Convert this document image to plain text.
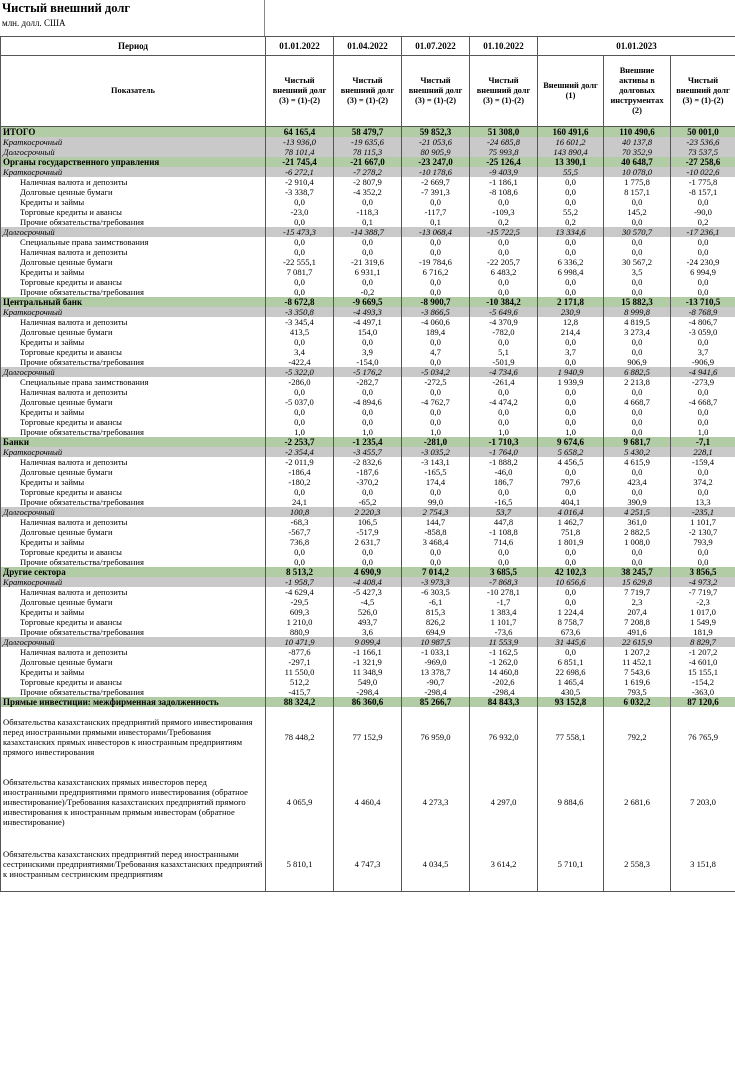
Чистый внешний долг
млн. долл. США
Период	01.01.2022	01.04.2022	01.07.2022	01.10.2022	01.01.2023		
Показатель	Чистый внешний долг (3) = (1)-(2)	Чистый внешний долг (3) = (1)-(2)	Чистый внешний долг (3) = (1)-(2)	Чистый внешний долг (3) = (1)-(2)	Внешний долг (1)	Внешние активы в долговых инструментах (2)	Чистый внешний долг (3) = (1)-(2)
ИТОГО	64 165,4	58 479,7	59 852,3	51 308,0	160 491,6	110 490,6	50 001,0
Краткосрочный	-13 936,0	-19 635,6	-21 053,6	-24 685,8	16 601,2	40 137,8	-23 536,6
Долгосрочный	78 101,4	78 115,3	80 905,9	75 993,8	143 890,4	70 352,9	73 537,5
Органы государственного управления	-21 745,4	-21 667,0	-23 247,0	-25 126,4	13 390,1	40 648,7	-27 258,6
Краткосрочный	-6 272,1	-7 278,2	-10 178,6	-9 403,9	55,5	10 078,0	-10 022,6
Наличная валюта и депозиты	-2 910,4	-2 807,9	-2 669,7	-1 186,1	0,0	1 775,8	-1 775,8
Долговые ценные бумаги	-3 338,7	-4 352,2	-7 391,3	-8 108,6	0,0	8 157,1	-8 157,1
Кредиты и займы	0,0	0,0	0,0	0,0	0,0	0,0	0,0
Торговые кредиты и авансы	-23,0	-118,3	-117,7	-109,3	55,2	145,2	-90,0
Прочие обязательства/требования	0,0	0,1	0,1	0,2	0,2	0,0	0,2
Долгосрочный	-15 473,3	-14 388,7	-13 068,4	-15 722,5	13 334,6	30 570,7	-17 236,1
Специальные права заимствования	0,0	0,0	0,0	0,0	0,0	0,0	0,0
Наличная валюта и депозиты	0,0	0,0	0,0	0,0	0,0	0,0	0,0
Долговые ценные бумаги	-22 555,1	-21 319,6	-19 784,6	-22 205,7	6 336,2	30 567,2	-24 230,9
Кредиты и займы	7 081,7	6 931,1	6 716,2	6 483,2	6 998,4	3,5	6 994,9
Торговые кредиты и авансы	0,0	0,0	0,0	0,0	0,0	0,0	0,0
Прочие обязательства/требования	0,0	-0,2	0,0	0,0	0,0	0,0	0,0
Центральный банк	-8 672,8	-9 669,5	-8 900,7	-10 384,2	2 171,8	15 882,3	-13 710,5
Краткосрочный	-3 350,8	-4 493,3	-3 866,5	-5 649,6	230,9	8 999,8	-8 768,9
Наличная валюта и депозиты	-3 345,4	-4 497,1	-4 060,6	-4 370,9	12,8	4 819,5	-4 806,7
Долговые ценные бумаги	413,5	154,0	189,4	-782,0	214,4	3 273,4	-3 059,0
Кредиты и займы	0,0	0,0	0,0	0,0	0,0	0,0	0,0
Торговые кредиты и авансы	3,4	3,9	4,7	5,1	3,7	0,0	3,7
Прочие обязательства/требования	-422,4	-154,0	0,0	-501,9	0,0	906,9	-906,9
Долгосрочный	-5 322,0	-5 176,2	-5 034,2	-4 734,6	1 940,9	6 882,5	-4 941,6
Специальные права заимствования	-286,0	-282,7	-272,5	-261,4	1 939,9	2 213,8	-273,9
Наличная валюта и депозиты	0,0	0,0	0,0	0,0	0,0	0,0	0,0
Долговые ценные бумаги	-5 037,0	-4 894,6	-4 762,7	-4 474,2	0,0	4 668,7	-4 668,7
Кредиты и займы	0,0	0,0	0,0	0,0	0,0	0,0	0,0
Торговые кредиты и авансы	0,0	0,0	0,0	0,0	0,0	0,0	0,0
Прочие обязательства/требования	1,0	1,0	1,0	1,0	1,0	0,0	1,0
Банки	-2 253,7	-1 235,4	-281,0	-1 710,3	9 674,6	9 681,7	-7,1
Краткосрочный	-2 354,4	-3 455,7	-3 035,2	-1 764,0	5 658,2	5 430,2	228,1
Наличная валюта и депозиты	-2 011,9	-2 832,6	-3 143,1	-1 888,2	4 456,5	4 615,9	-159,4
Долговые ценные бумаги	-186,4	-187,6	-165,5	-46,0	0,0	0,0	0,0
Кредиты и займы	-180,2	-370,2	174,4	186,7	797,6	423,4	374,2
Торговые кредиты и авансы	0,0	0,0	0,0	0,0	0,0	0,0	0,0
Прочие обязательства/требования	24,1	-65,2	99,0	-16,5	404,1	390,9	13,3
Долгосрочный	100,8	2 220,3	2 754,3	53,7	4 016,4	4 251,5	-235,1
Наличная валюта и депозиты	-68,3	106,5	144,7	447,8	1 462,7	361,0	1 101,7
Долговые ценные бумаги	-567,7	-517,9	-858,8	-1 108,8	751,8	2 882,5	-2 130,7
Кредиты и займы	736,8	2 631,7	3 468,4	714,6	1 801,9	1 008,0	793,9
Торговые кредиты и авансы	0,0	0,0	0,0	0,0	0,0	0,0	0,0
Прочие обязательства/требования	0,0	0,0	0,0	0,0	0,0	0,0	0,0
Другие сектора	8 513,2	4 690,9	7 014,2	3 685,5	42 102,3	38 245,7	3 856,5
Краткосрочный	-1 958,7	-4 408,4	-3 973,3	-7 868,3	10 656,6	15 629,8	-4 973,2
Наличная валюта и депозиты	-4 629,4	-5 427,3	-6 303,5	-10 278,1	0,0	7 719,7	-7 719,7
Долговые ценные бумаги	-29,5	-4,5	-6,1	-1,7	0,0	2,3	-2,3
Кредиты и займы	609,3	526,0	815,3	1 383,4	1 224,4	207,4	1 017,0
Торговые кредиты и авансы	1 210,0	493,7	826,2	1 101,7	8 758,7	7 208,8	1 549,9
Прочие обязательства/требования	880,9	3,6	694,9	-73,6	673,6	491,6	181,9
Долгосрочный	10 471,9	9 099,4	10 987,5	11 553,9	31 445,6	22 615,9	8 829,7
Наличная валюта и депозиты	-877,6	-1 166,1	-1 033,1	-1 162,5	0,0	1 207,2	-1 207,2
Долговые ценные бумаги	-297,1	-1 321,9	-969,0	-1 262,0	6 851,1	11 452,1	-4 601,0
Кредиты и займы	11 550,0	11 348,9	13 378,7	14 460,8	22 698,6	7 543,6	15 155,1
Торговые кредиты и авансы	512,2	549,0	-90,7	-202,6	1 465,4	1 619,6	-154,2
Прочие обязательства/требования	-415,7	-298,4	-298,4	-298,4	430,5	793,5	-363,0
Прямые инвестиции: межфирменная задолженность	88 324,2	86 360,6	85 266,7	84 843,3	93 152,8	6 032,2	87 120,6
Обязательства казахстанских предприятий прямого инвестирования перед иностранными прямыми инвесторами/Требования казахстанских прямых инвесторов к иностранным предприятиям прямого инвестирования	78 448,2	77 152,9	76 959,0	76 932,0	77 558,1	792,2	76 765,9
Обязательства казахстанских прямых инвесторов перед иностранными предприятиями прямого инвестирования (обратное инвестирование)/Требования казахстанских предприятий прямого инвестирования к иностранным прямым инвесторам (обратное инвестирование)	4 065,9	4 460,4	4 273,3	4 297,0	9 884,6	2 681,6	7 203,0
Обязательства казахстанских предприятий перед иностранными сестринскими предприятиями/Требования казахстанских предприятий к иностранным сестринским предприятиям	5 810,1	4 747,3	4 034,5	3 614,2	5 710,1	2 558,3	3 151,8
